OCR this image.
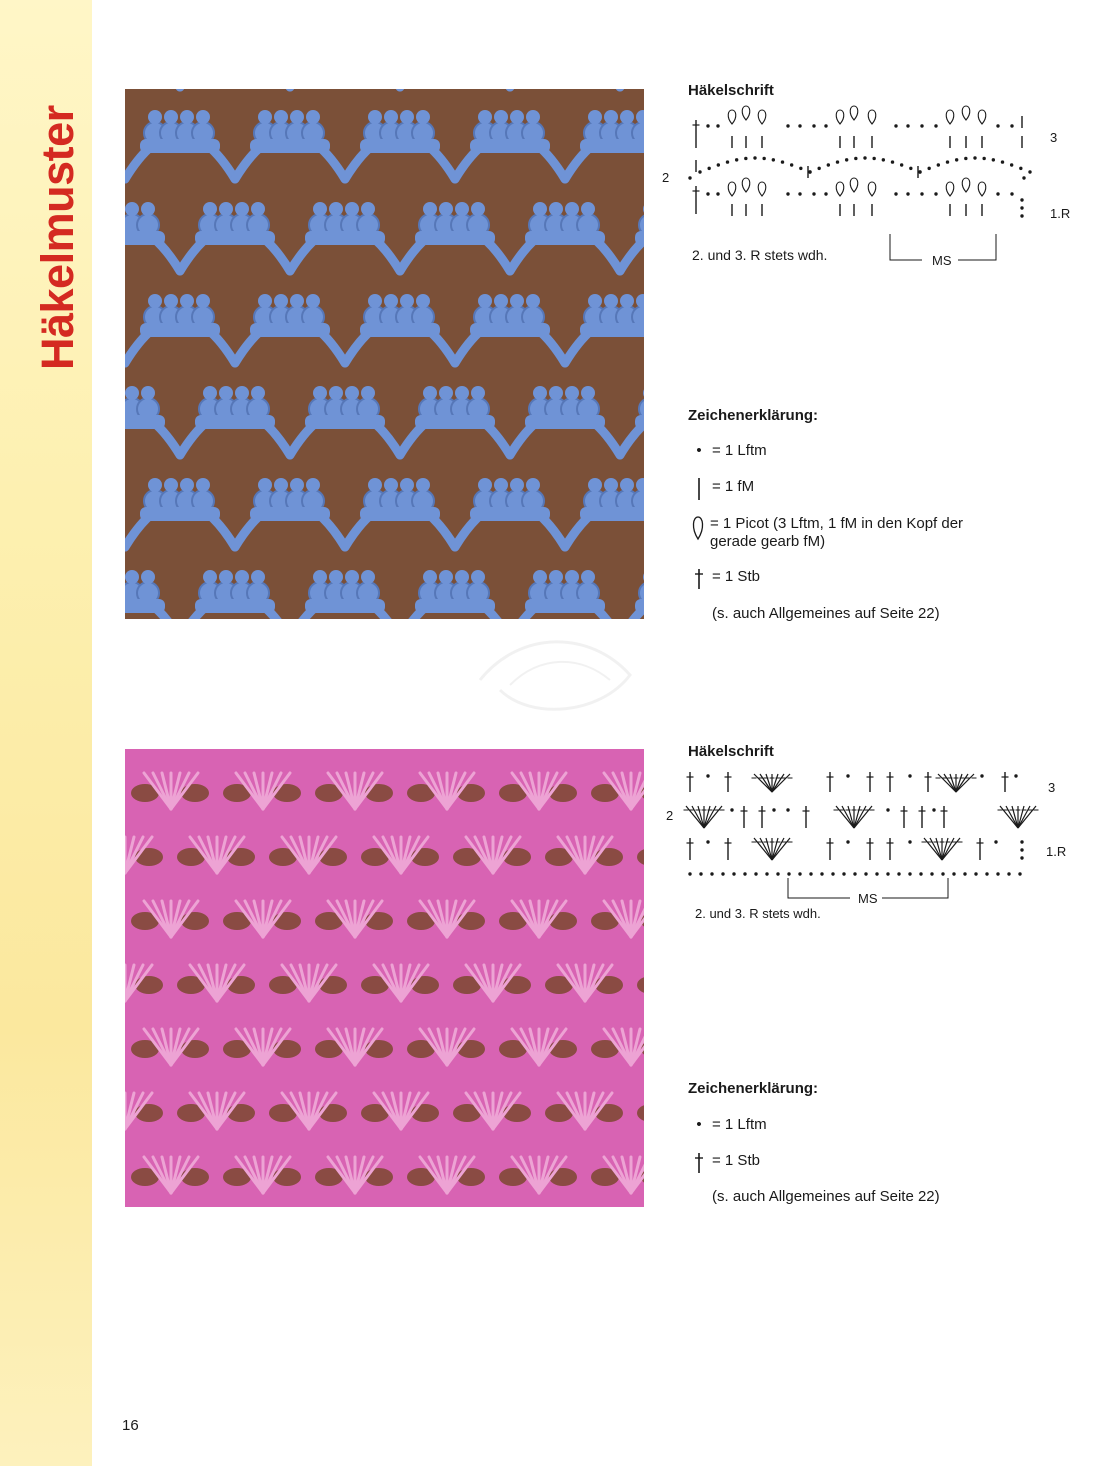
Häkelmuster
Häkelschrift
3
2
1.R
MS
2. und 3. R stets wdh.
Zeichenerklärung:
• = 1 Lftm
= 1 fM
= 1 Picot (3 Lftm, 1 fM in den Kopf der gerade gearb fM)
= 1 Stb
(s. auch Allgemeines auf Seite 22)
Häkelschrift
3
2
1.R
MS
2. und 3. R stets wdh.
Zeichenerklärung:
• = 1 Lftm
= 1 Stb
(s. auch Allgemeines auf Seite 22)
16
